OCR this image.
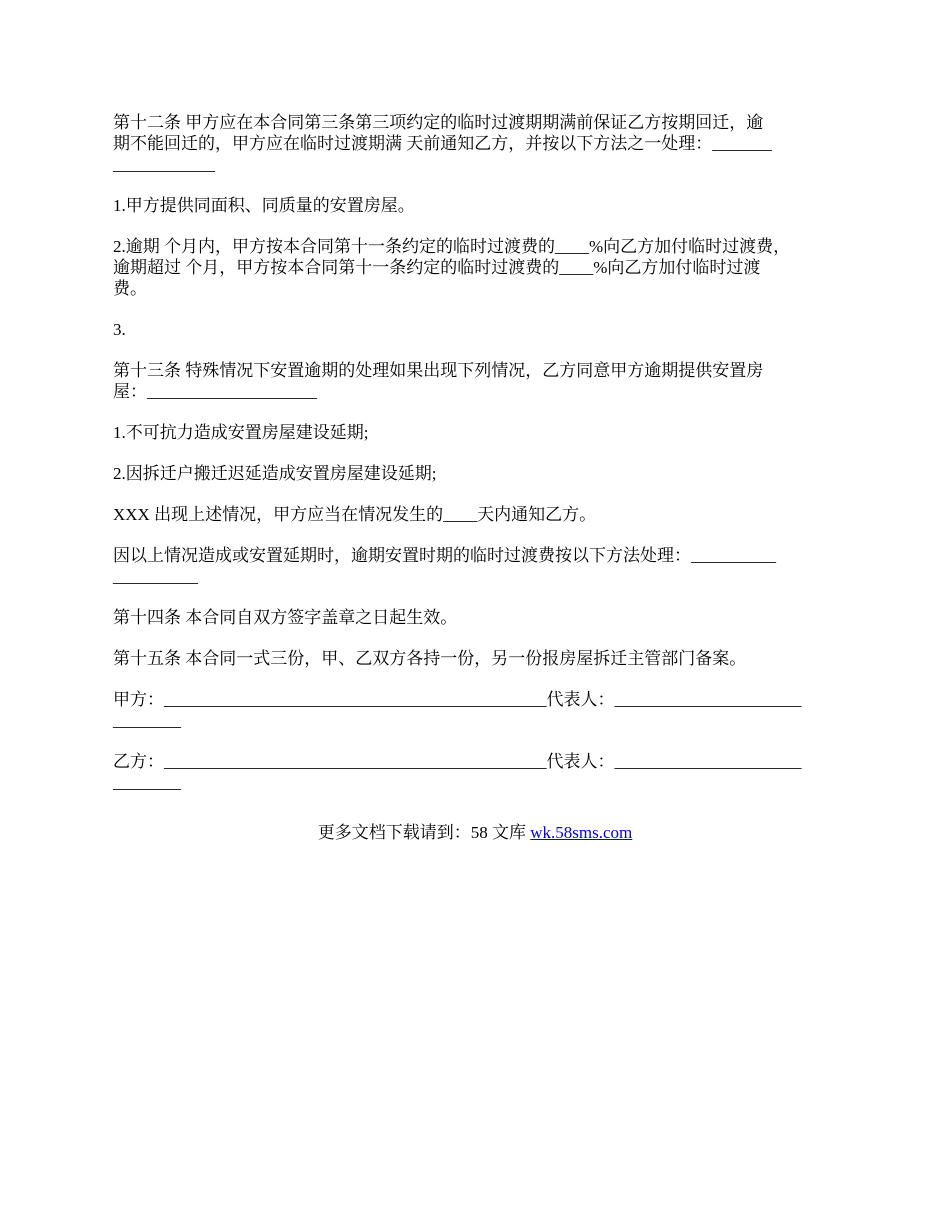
第十二条 甲方应在本合同第三条第三项约定的临时过渡期期满前保证乙方按期回迁，逾
期不能回迁的，甲方应在临时过渡期满 天前通知乙方，并按以下方法之一处理：_______
____________
1.甲方提供同面积、同质量的安置房屋。
2.逾期 个月内，甲方按本合同第十一条约定的临时过渡费的____%向乙方加付临时过渡费，
逾期超过 个月，甲方按本合同第十一条约定的临时过渡费的____%向乙方加付临时过渡
费。
3.
第十三条 特殊情况下安置逾期的处理如果出现下列情况，乙方同意甲方逾期提供安置房
屋：____________________
1.不可抗力造成安置房屋建设延期;
2.因拆迁户搬迁迟延造成安置房屋建设延期;
XXX 出现上述情况，甲方应当在情况发生的____天内通知乙方。
因以上情况造成或安置延期时，逾期安置时期的临时过渡费按以下方法处理：__________
__________
第十四条 本合同自双方签字盖章之日起生效。
第十五条 本合同一式三份，甲、乙双方各持一份，另一份报房屋拆迁主管部门备案。
甲方：_____________________________________________代表人：______________________
________
乙方：_____________________________________________代表人：______________________
________
更多文档下载请到：58 文库 wk.58sms.com
